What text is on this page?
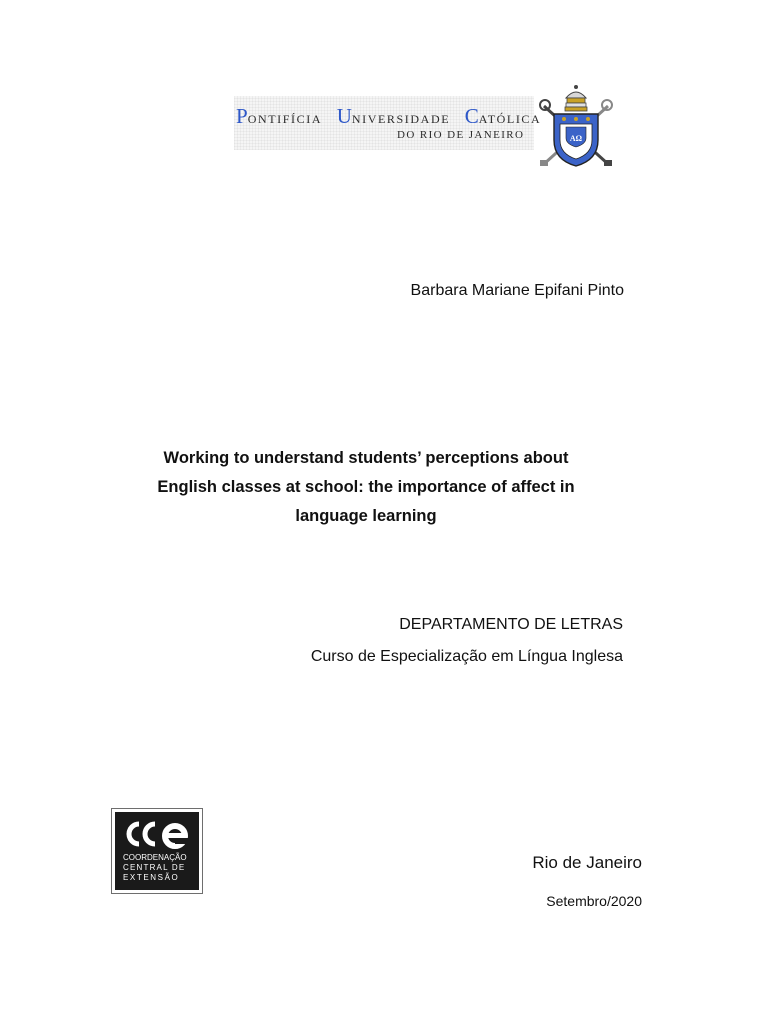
PONTIFÍCIA UNIVERSIDADE CATÓLICA
DO RIO DE JANEIRO	AΩ
Barbara Mariane Epifani Pinto
Working to understand students’ perceptions about
English classes at school: the importance of affect in
language learning
DEPARTAMENTO DE LETRAS
Curso de Especialização em Língua Inglesa
COORDENAÇÃO
CENTRAL DE
EXTENSÃO
Rio de Janeiro
Setembro/2020
